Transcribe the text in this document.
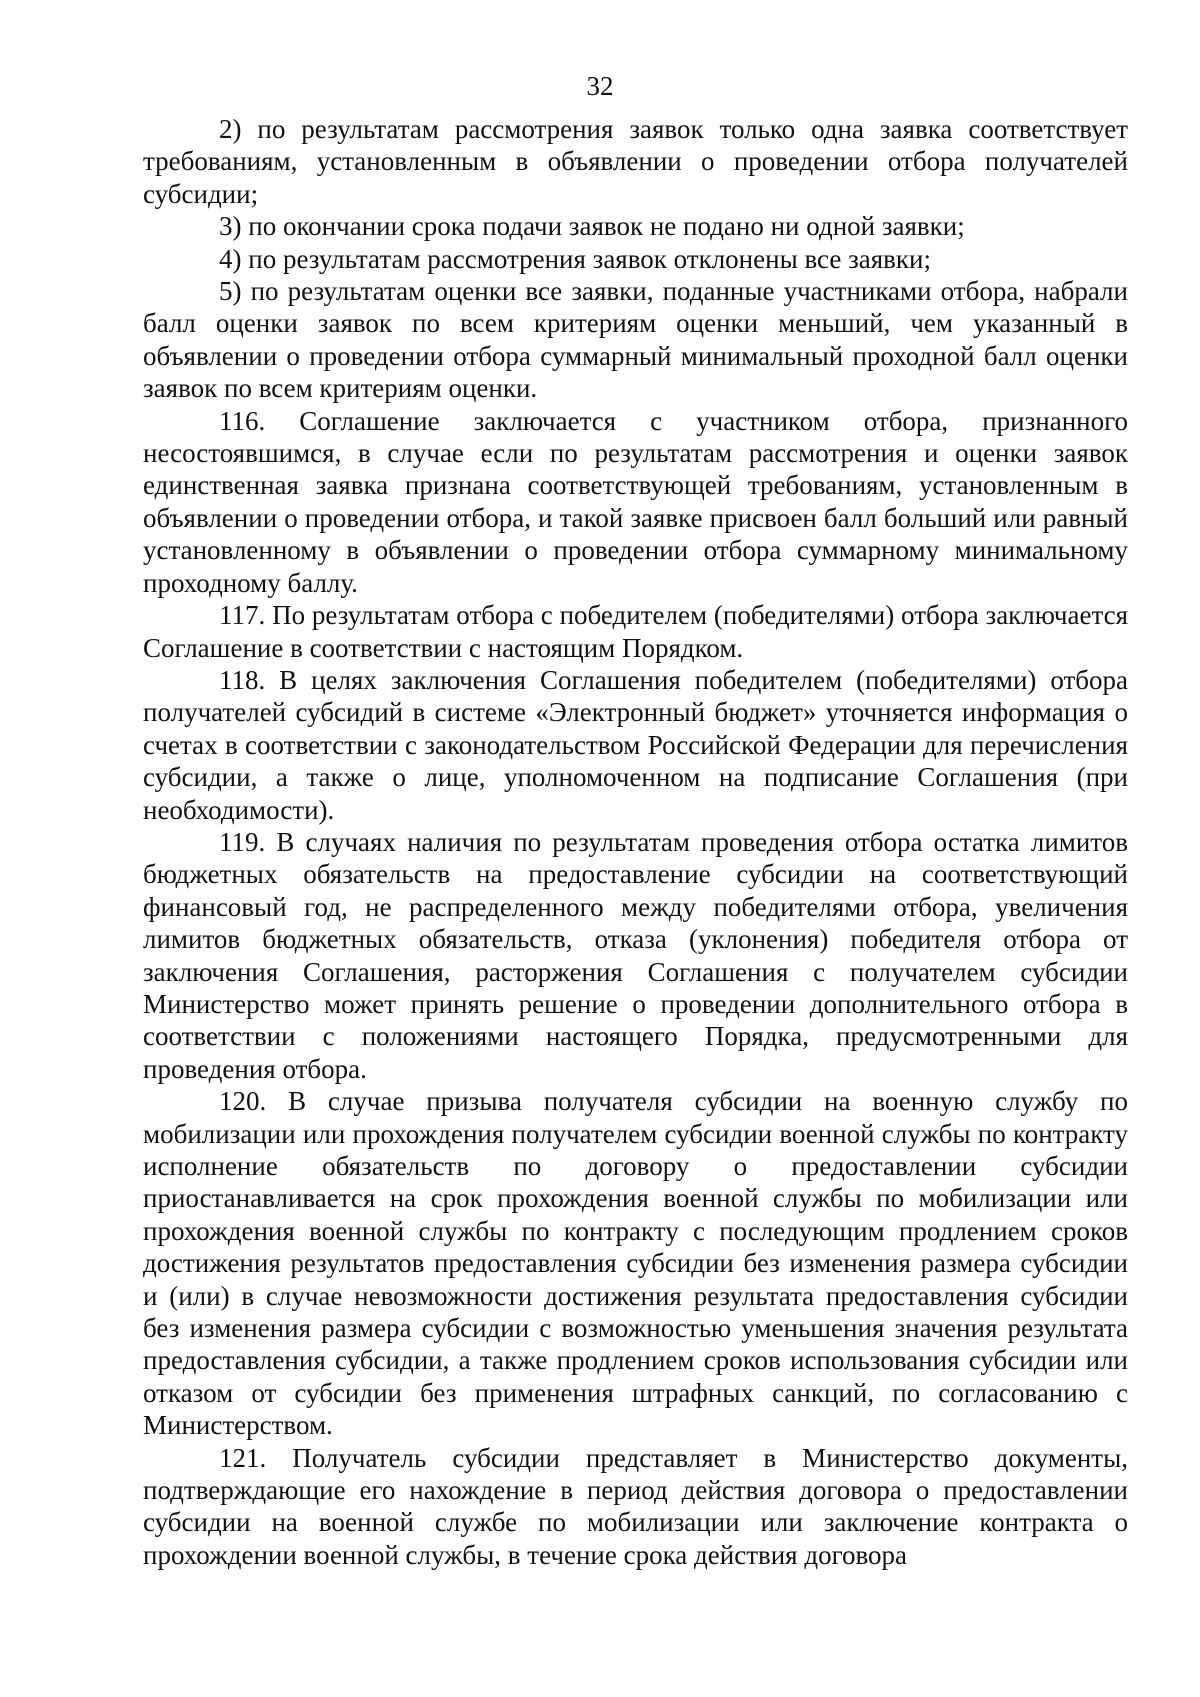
32

2) по результатам рассмотрения заявок только одна заявка соответствует требованиям, установленным в объявлении о проведении отбора получателей субсидии;

3) по окончании срока подачи заявок не подано ни одной заявки;

4) по результатам рассмотрения заявок отклонены все заявки;

5) по результатам оценки все заявки, поданные участниками отбора, набрали балл оценки заявок по всем критериям оценки меньший, чем указанный в объявлении о проведении отбора суммарный минимальный проходной балл оценки заявок по всем критериям оценки.

116. Соглашение заключается с участником отбора, признанного несостоявшимся, в случае если по результатам рассмотрения и оценки заявок единственная заявка признана соответствующей требованиям, установленным в объявлении о проведении отбора, и такой заявке присвоен балл больший или равный установленному в объявлении о проведении отбора суммарному минимальному проходному баллу.

117. По результатам отбора с победителем (победителями) отбора заключается Соглашение в соответствии с настоящим Порядком.

118. В целях заключения Соглашения победителем (победителями) отбора получателей субсидий в системе «Электронный бюджет» уточняется информация о счетах в соответствии с законодательством Российской Федерации для перечисления субсидии, а также о лице, уполномоченном на подписание Соглашения (при необходимости).

119. В случаях наличия по результатам проведения отбора остатка лимитов бюджетных обязательств на предоставление субсидии на соответствующий финансовый год, не распределенного между победителями отбора, увеличения лимитов бюджетных обязательств, отказа (уклонения) победителя отбора от заключения Соглашения, расторжения Соглашения с получателем субсидии Министерство может принять решение о проведении дополнительного отбора в соответствии с положениями настоящего Порядка, предусмотренными для проведения отбора.

120. В случае призыва получателя субсидии на военную службу по мобилизации или прохождения получателем субсидии военной службы по контракту исполнение обязательств по договору о предоставлении субсидии приостанавливается на срок прохождения военной службы по мобилизации или прохождения военной службы по контракту с последующим продлением сроков достижения результатов предоставления субсидии без изменения размера субсидии и (или) в случае невозможности достижения результата предоставления субсидии без изменения размера субсидии с возможностью уменьшения значения результата предоставления субсидии, а также продлением сроков использования субсидии или отказом от субсидии без применения штрафных санкций, по согласованию с Министерством.

121. Получатель субсидии представляет в Министерство документы, подтверждающие его нахождение в период действия договора о предоставлении субсидии на военной службе по мобилизации или заключение контракта о прохождении военной службы, в течение срока действия договора
